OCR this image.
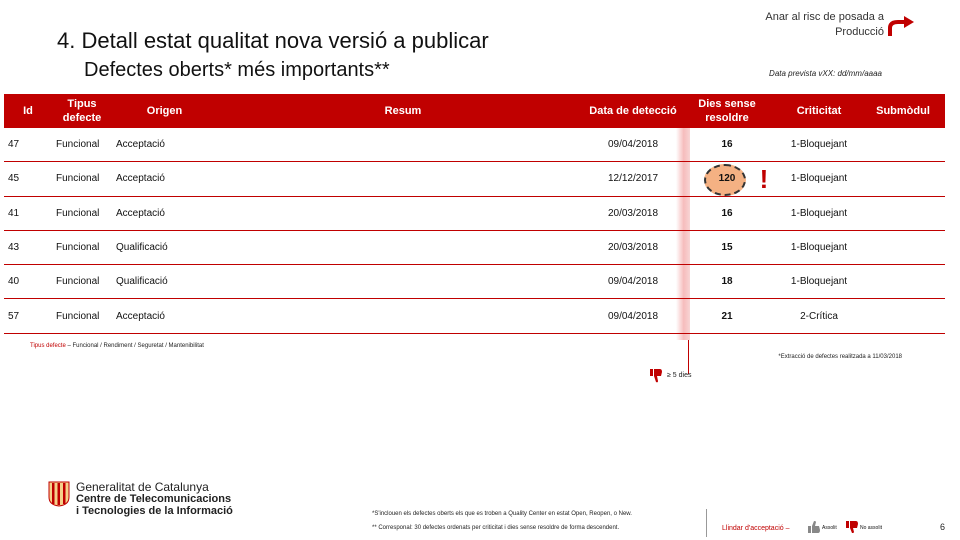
4. Detall estat qualitat nova versió a publicar
Defectes oberts* més importants**
Anar al risc de posada a Producció
Data prevista vXX: dd/mm/aaaa
Id	Tipus defecte	Origen	Resum	Data de detecció	Dies sense resoldre	Criticitat	Submòdul
47	Funcional	Acceptació		09/04/2018	16	1-Bloquejant	
45	Funcional	Acceptació		12/12/2017	120	1-Bloquejant	
41	Funcional	Acceptació		20/03/2018	16	1-Bloquejant	
43	Funcional	Qualificació		20/03/2018	15	1-Bloquejant	
40	Funcional	Qualificació		09/04/2018	18	1-Bloquejant	
57	Funcional	Acceptació		09/04/2018	21	2-Crítica	
!
Tipus defecte – Funcional / Rendiment / Seguretat / Mantenibilitat
*Extracció de defectes realitzada a 11/03/2018
≥ 5 dies
Generalitat de Catalunya
Centre de Telecomunicacions
i Tecnologies de la Informació	*S'inclouen els defectes oberts els que es troben a Quality Center en estat Open, Reopen, o New.
** Corresponal: 30 defectes ordenats per criticitat i dies sense resoldre de forma descendent.	Llindar d'acceptació –	Assolit	No assolit	6
